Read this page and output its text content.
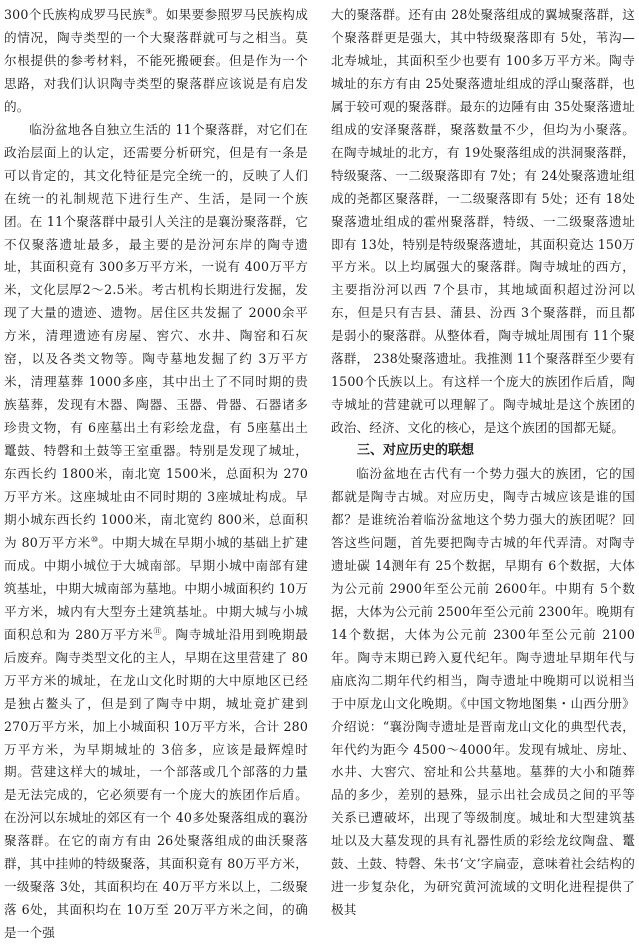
300个氏族构成罗马民族⑨。如果要参照罗马民族构成的情况，陶寺类型的一个大聚落群就可与之相当。莫尔根提供的参考材料，不能死搬硬套。但是作为一个思路，对我们认识陶寺类型的聚落群应该说是有启发的。

临汾盆地各自独立生活的 11个聚落群，对它们在政治层面上的认定，还需要分析研究，但是有一条是可以肯定的，其文化特征是完全统一的，反映了人们在统一的礼制规范下进行生产、生活，是同一个族团。在 11个聚落群中最引人关注的是襄汾聚落群，它不仅聚落遗址最多，最主要的是汾河东岸的陶寺遗址，其面积竟有 300多万平方米，一说有 400万平方米，文化层厚2～2.5米。考古机构长期进行发掘，发现了大量的遗迹、遗物。居住区共发掘了 2000余平方米，清理遗迹有房屋、窖穴、水井、陶窑和石灰窑，以及各类文物等。陶寺墓地发掘了约 3万平方米，清理墓葬 1000多座，其中出土了不同时期的贵族墓葬，发现有木器、陶器、玉器、骨器、石器诸多珍贵文物，有 6座墓出土有彩绘龙盘，有 5座墓出土鼍鼓、特磬和土鼓等王室重器。特别是发现了城址，东西长约 1800米，南北宽 1500米，总面积为 270万平方米。这座城址由不同时期的 3座城址构成。早期小城东西长约 1000米，南北宽约 800米，总面积为 80万平方米⑩。中期大城在早期小城的基础上扩建而成。中期小城位于大城南部。早期小城中南部有建筑基址，中期大城南部为墓地。中期小城面积约 10万平方米，城内有大型夯土建筑基址。中期大城与小城面积总和为 280万平方米⑪。陶寺城址沿用到晚期最后废弃。陶寺类型文化的主人，早期在这里营建了 80万平方米的城址，在龙山文化时期的大中原地区已经是独占鳌头了，但是到了陶寺中期，城址竟扩建到 270万平方米，加上小城面积 10万平方米，合计 280万平方米，为早期城址的 3倍多，应该是最辉煌时期。营建这样大的城址，一个部落或几个部落的力量是无法完成的，它必须要有一个庞大的族团作后盾。在汾河以东城址的郊区有一个 40多处聚落组成的襄汾聚落群。在它的南方有由 26处聚落组成的曲沃聚落群，其中挂帅的特级聚落，其面积竟有 80万平方米，一级聚落 3处，其面积均在 40万平方米以上，二级聚落 6处，其面积均在 10万至 20万平方米之间，的确是一个强

大的聚落群。还有由 28处聚落组成的翼城聚落群，这个聚落群更是强大，其中特级聚落即有 5处，苇沟—北寿城址，其面积至少也要有 100多万平方米。陶寺城址的东方有由 25处聚落遗址组成的浮山聚落群，也属于较可观的聚落群。最东的边陲有由 35处聚落遗址组成的安泽聚落群，聚落数量不少，但均为小聚落。在陶寺城址的北方，有 19处聚落组成的洪洞聚落群，特级聚落、一二级聚落即有 7处；有 24处聚落遗址组成的尧都区聚落群，一二级聚落即有 5处；还有 18处聚落遗址组成的霍州聚落群，特级、一二级聚落遗址即有 13处，特别是特级聚落遗址，其面积竟达 150万平方米。以上均属强大的聚落群。陶寺城址的西方，主要指汾河以西 7个县市，其地域面积超过汾河以东，但是只有吉县、蒲县、汾西 3个聚落群，而且都是弱小的聚落群。从整体看，陶寺城址周围有 11个聚落群， 238处聚落遗址。我推测 11个聚落群至少要有 1500个氏族以上。有这样一个庞大的族团作后盾，陶寺城址的营建就可以理解了。陶寺城址是这个族团的政治、经济、文化的核心，是这个族团的国都无疑。

三、对应历史的联想

临汾盆地在古代有一个势力强大的族团，它的国都就是陶寺古城。对应历史，陶寺古城应该是谁的国都？是谁统治着临汾盆地这个势力强大的族团呢？回答这些问题，首先要把陶寺古城的年代弄清。对陶寺遗址碳 14测年有 25个数据，早期有 6个数据，大体为公元前 2900年至公元前 2600年。中期有 5个数据，大体为公元前 2500年至公元前 2300年。晚期有 14个数据，大体为公元前 2300年至公元前 2100年。陶寺末期已跨入夏代纪年。陶寺遗址早期年代与庙底沟二期年代约相当，陶寺遗址中晚期可以说相当于中原龙山文化晚期。《中国文物地图集・山西分册》介绍说：“襄汾陶寺遗址是晋南龙山文化的典型代表，年代约为距今 4500～4000年。发现有城址、房址、水井、大窖穴、窑址和公共墓地。墓葬的大小和随葬品的多少，差别的悬殊，显示出社会成员之间的平等关系已遭破坏，出现了等级制度。城址和大型建筑基址以及大墓发现的具有礼器性质的彩绘龙纹陶盘、鼍鼓、土鼓、特磬、朱书‘文’字扁壶，意味着社会结构的进一步复杂化，为研究黄河流域的文明化进程提供了极其
